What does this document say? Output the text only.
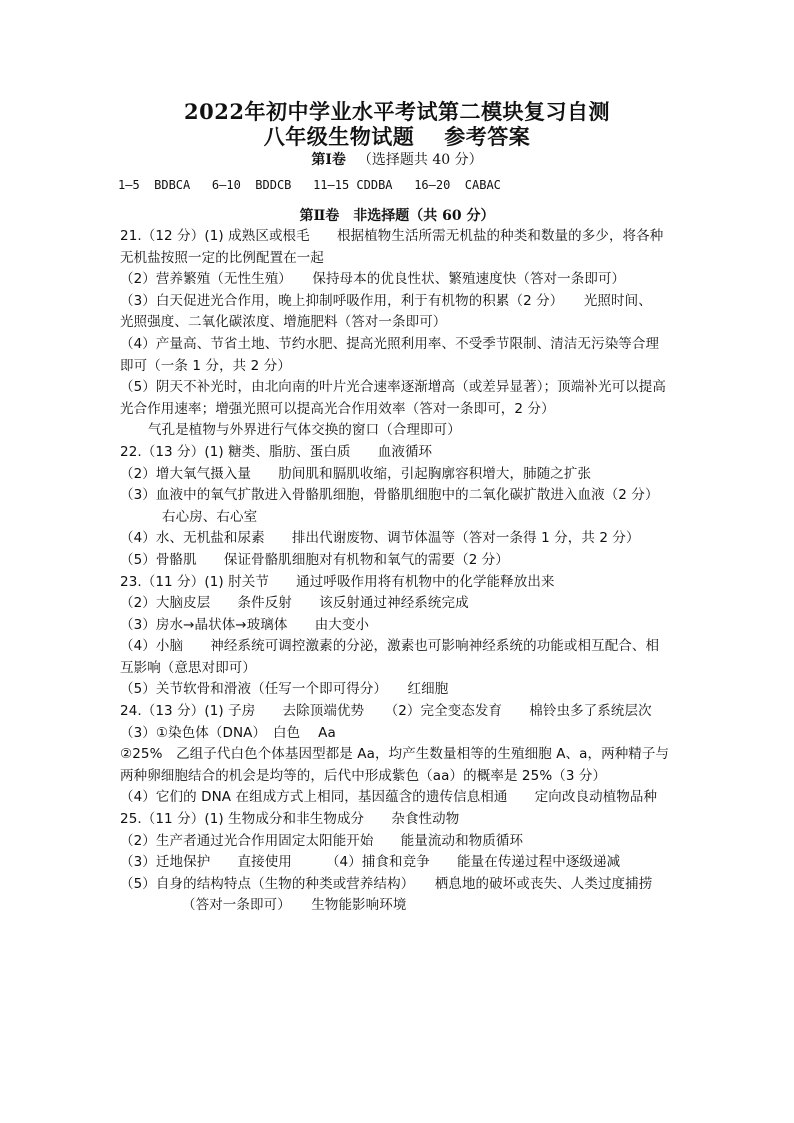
2022年初中学业水平考试第二模块复习自测
八年级生物试题 参考答案
第Ⅰ卷 （选择题共 40 分）
1—5  BDBCA   6—10  BDDCB   11—15 CDDBA   16—20  CABAC
第Ⅱ卷 非选择题（共 60 分）
21.（12 分）(1) 成熟区或根毛　　根据植物生活所需无机盐的种类和数量的多少，将各种
无机盐按照一定的比例配置在一起
（2）营养繁殖（无性生殖）　　保持母本的优良性状、繁殖速度快（答对一条即可）
（3）白天促进光合作用，晚上抑制呼吸作用，利于有机物的积累（2 分）　　光照时间、
光照强度、二氧化碳浓度、增施肥料（答对一条即可）
（4）产量高、节省土地、节约水肥、提高光照利用率、不受季节限制、清洁无污染等合理
即可（一条 1 分，共 2 分）
（5）阴天不补光时，由北向南的叶片光合速率逐渐增高（或差异显著）；顶端补光可以提高
光合作用速率；增强光照可以提高光合作用效率（答对一条即可，2 分）
气孔是植物与外界进行气体交换的窗口（合理即可）
22.（13 分）(1) 糖类、脂肪、蛋白质　　血液循环
（2）增大氧气摄入量　　肋间肌和膈肌收缩，引起胸廓容积增大，肺随之扩张
（3）血液中的氧气扩散进入骨骼肌细胞，骨骼肌细胞中的二氧化碳扩散进入血液（2 分）
右心房、右心室
（4）水、无机盐和尿素　　排出代谢废物、调节体温等（答对一条得 1 分，共 2 分）
（5）骨骼肌　　保证骨骼肌细胞对有机物和氧气的需要（2 分）
23.（11 分）(1) 肘关节　　通过呼吸作用将有机物中的化学能释放出来
（2）大脑皮层　　条件反射　　该反射通过神经系统完成
（3）房水→晶状体→玻璃体　　由大变小
（4）小脑　　神经系统可调控激素的分泌，激素也可影响神经系统的功能或相互配合、相
互影响（意思对即可）
（5）关节软骨和滑液（任写一个即可得分）　　红细胞
24.（13 分）(1) 子房　　去除顶端优势　　（2）完全变态发育　　棉铃虫多了系统层次
（3）①染色体（DNA）　白色　 Aa
②25%　乙组子代白色个体基因型都是 Aa，均产生数量相等的生殖细胞 A、a，两种精子与
两种卵细胞结合的机会是均等的，后代中形成紫色（aa）的概率是 25%（3 分）
（4）它们的 DNA 在组成方式上相同，基因蕴含的遗传信息相通　　定向改良动植物品种
25.（11 分）(1) 生物成分和非生物成分　　杂食性动物
（2）生产者通过光合作用固定太阳能开始　　能量流动和物质循环
（3）迁地保护　　直接使用　　　（4）捕食和竞争　　能量在传递过程中逐级递减
（5）自身的结构特点（生物的种类或营养结构）　　栖息地的破坏或丧失、人类过度捕捞
（答对一条即可）　　生物能影响环境
